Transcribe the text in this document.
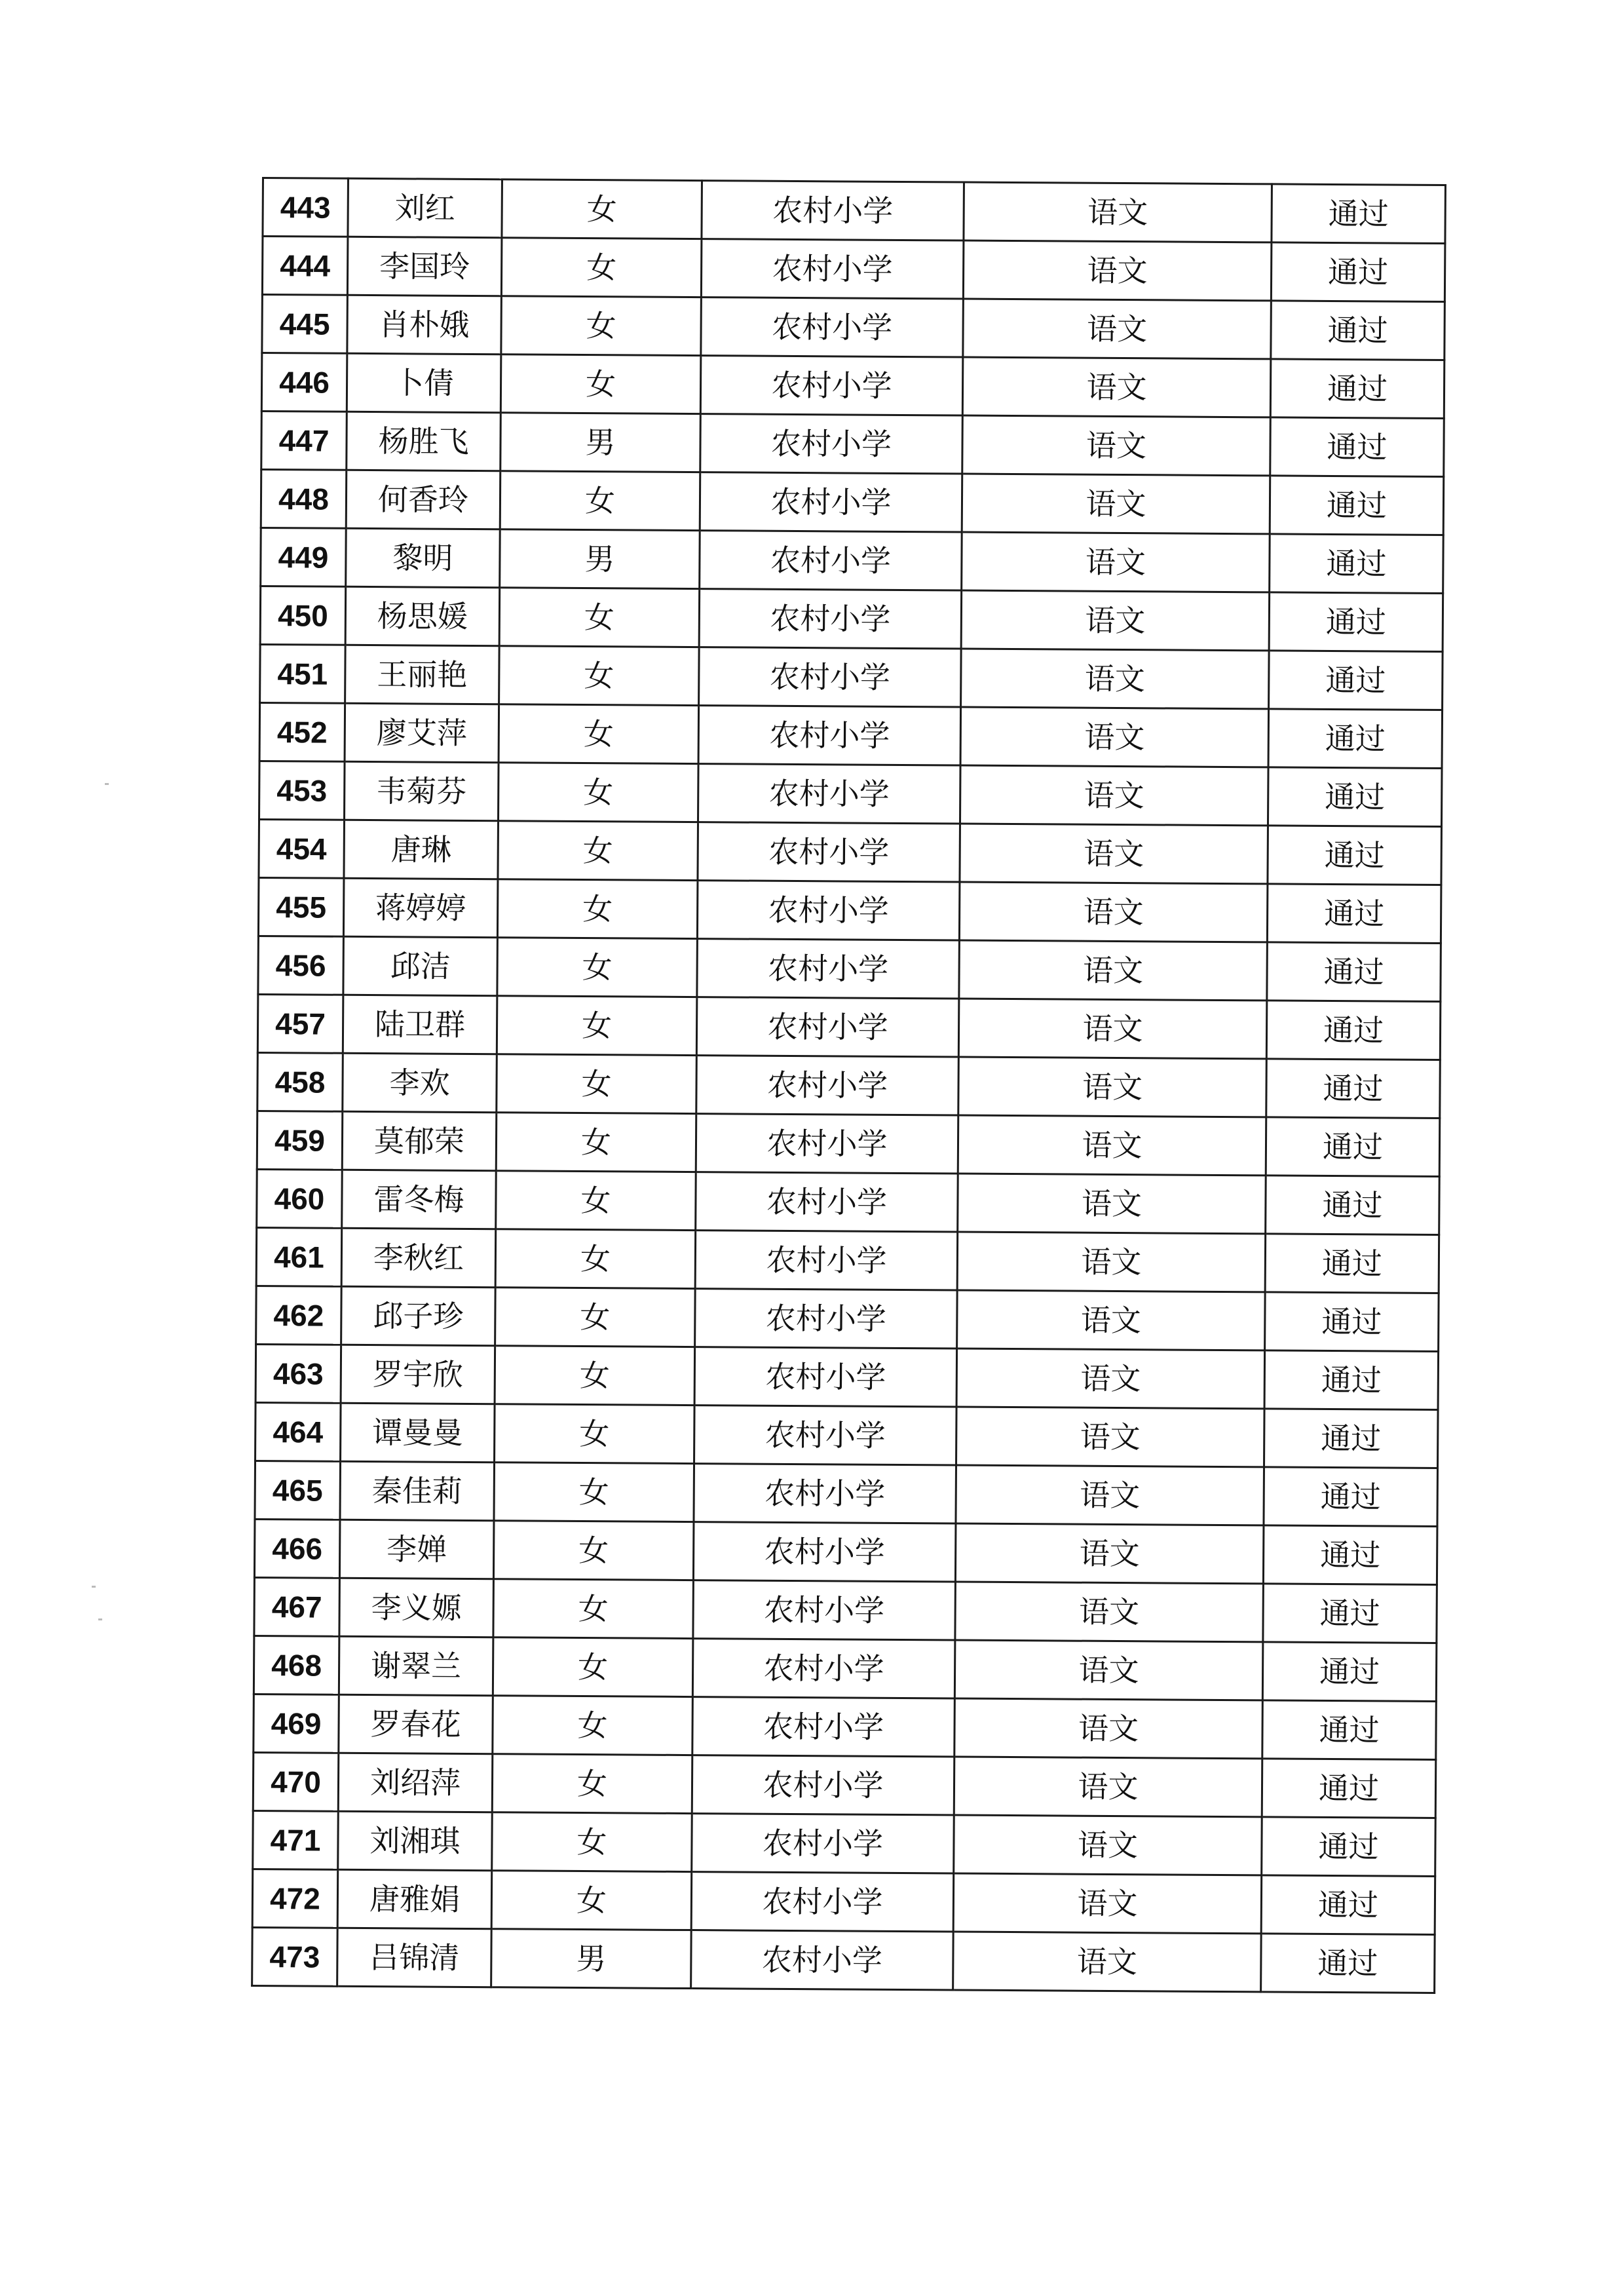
443	刘红	女	农村小学	语文	通过
444	李国玲	女	农村小学	语文	通过
445	肖朴娥	女	农村小学	语文	通过
446	卜倩	女	农村小学	语文	通过
447	杨胜飞	男	农村小学	语文	通过
448	何香玲	女	农村小学	语文	通过
449	黎明	男	农村小学	语文	通过
450	杨思媛	女	农村小学	语文	通过
451	王丽艳	女	农村小学	语文	通过
452	廖艾萍	女	农村小学	语文	通过
453	韦菊芬	女	农村小学	语文	通过
454	唐琳	女	农村小学	语文	通过
455	蒋婷婷	女	农村小学	语文	通过
456	邱洁	女	农村小学	语文	通过
457	陆卫群	女	农村小学	语文	通过
458	李欢	女	农村小学	语文	通过
459	莫郁荣	女	农村小学	语文	通过
460	雷冬梅	女	农村小学	语文	通过
461	李秋红	女	农村小学	语文	通过
462	邱子珍	女	农村小学	语文	通过
463	罗宇欣	女	农村小学	语文	通过
464	谭曼曼	女	农村小学	语文	通过
465	秦佳莉	女	农村小学	语文	通过
466	李婵	女	农村小学	语文	通过
467	李义嫄	女	农村小学	语文	通过
468	谢翠兰	女	农村小学	语文	通过
469	罗春花	女	农村小学	语文	通过
470	刘绍萍	女	农村小学	语文	通过
471	刘湘琪	女	农村小学	语文	通过
472	唐雅娟	女	农村小学	语文	通过
473	吕锦清	男	农村小学	语文	通过
